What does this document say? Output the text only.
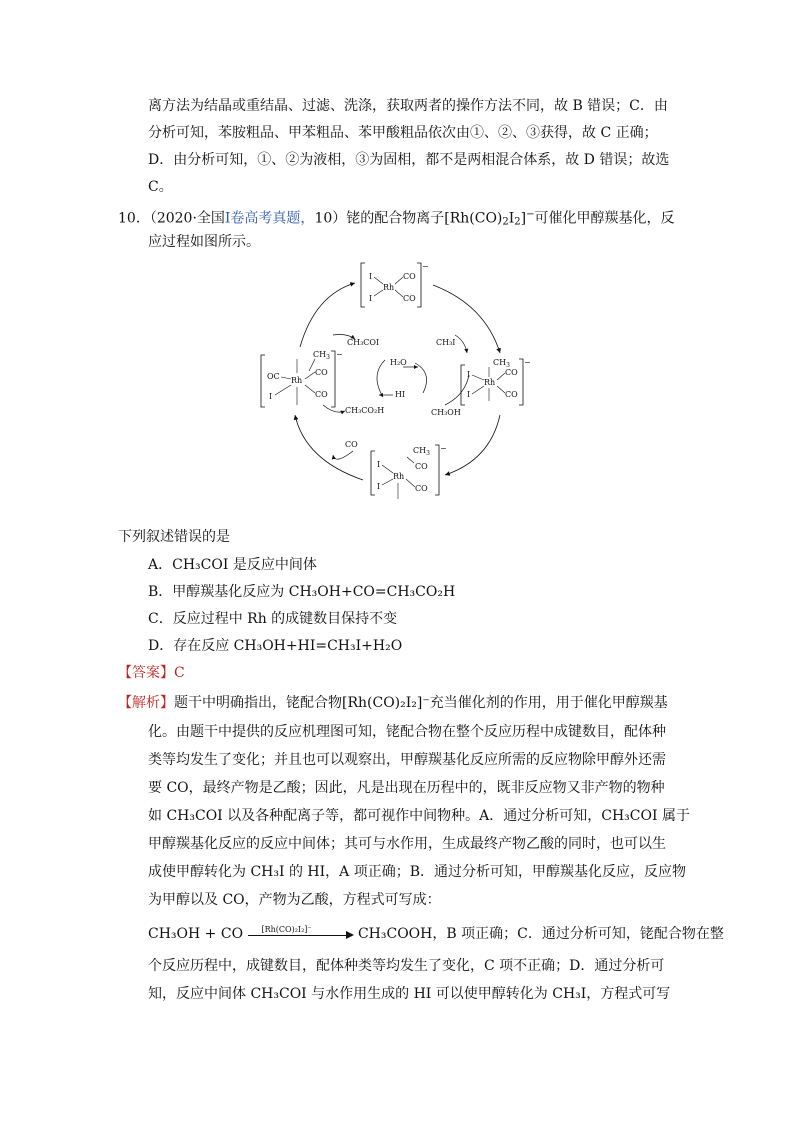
离方法为结晶或重结晶、过滤、洗涤，获取两者的操作方法不同，故 B 错误；C．由
分析可知，苯胺粗品、甲苯粗品、苯甲酸粗品依次由①、②、③获得，故 C 正确；
D．由分析可知，①、②为液相，③为固相，都不是两相混合体系，故 D 错误；故选
C。
10．（2020·全国Ⅰ卷高考真题，10）铑的配合物离子$[Rh(CO)_2I_2]^-$可催化甲醇羰基化，反
应过程如图所示。
I
I
Rh
CO
CO
−
$CH_3$
I
I
Rh
CO
CO
−
$CH_3$
I
I
Rh
CO
CO
−
$CH_3$
OC
I
Rh
CO
CO
−
CH₃COI	CH₃I
H₂O
HI
CH₃CO₂H	CH₃OH
CO
下列叙述错误的是
A．CH₃COI 是反应中间体
B．甲醇羰基化反应为 CH₃OH+CO=CH₃CO₂H
C．反应过程中 Rh 的成键数目保持不变
D．存在反应 CH₃OH+HI=CH₃I+H₂O
【答案】C
【解析】题干中明确指出，铑配合物[Rh(CO)₂I₂]⁻充当催化剂的作用，用于催化甲醇羰基
化。由题干中提供的反应机理图可知，铑配合物在整个反应历程中成键数目，配体种
类等均发生了变化；并且也可以观察出，甲醇羰基化反应所需的反应物除甲醇外还需
要 CO，最终产物是乙酸；因此，凡是出现在历程中的，既非反应物又非产物的物种
如 CH₃COI 以及各种配离子等，都可视作中间物种。A．通过分析可知，CH₃COI 属于
甲醇羰基化反应的反应中间体；其可与水作用，生成最终产物乙酸的同时，也可以生
成使甲醇转化为 CH₃I 的 HI，A 项正确；B．通过分析可知，甲醇羰基化反应，反应物
为甲醇以及 CO，产物为乙酸，方程式可写成：
CH₃OH + CO [Rh(CO)₂I₂]⁻	CH₃COOH，B 项正确；C．通过分析可知，铑配合物在整
个反应历程中，成键数目，配体种类等均发生了变化，C 项不正确；D．通过分析可
知，反应中间体 CH₃COI 与水作用生成的 HI 可以使甲醇转化为 CH₃I，方程式可写
